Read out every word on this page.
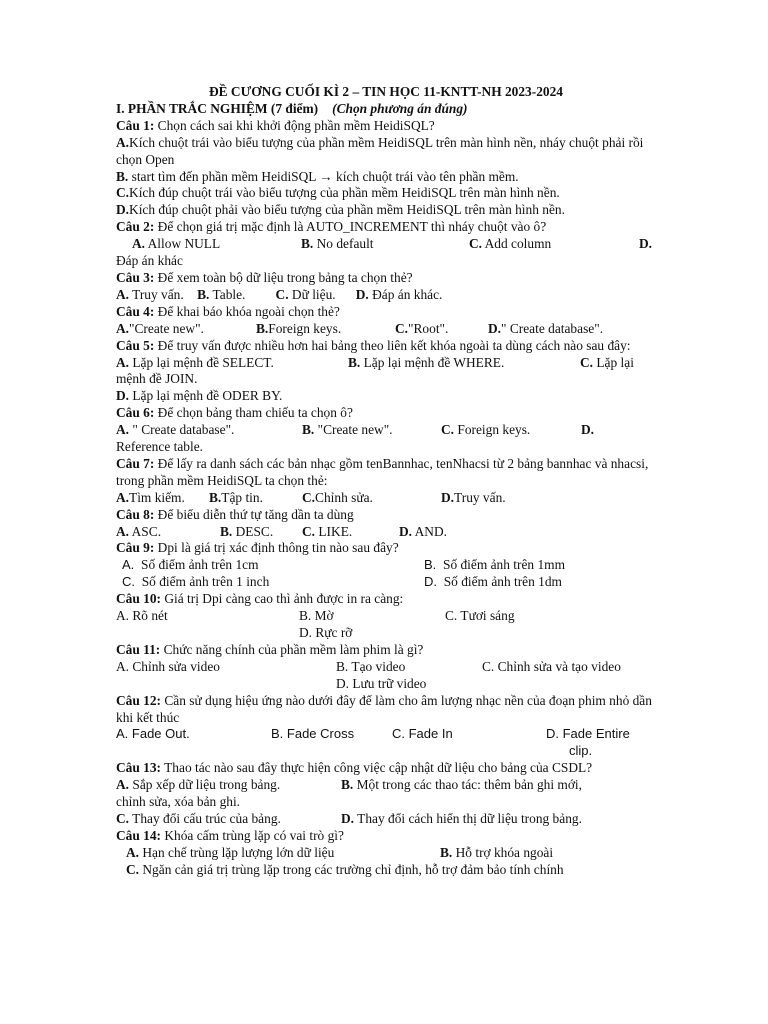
ĐỀ CƯƠNG CUỐI KÌ 2 – TIN HỌC 11-KNTT-NH 2023-2024
I. PHẦN TRẮC NGHIỆM (7 điểm) (Chọn phương án đúng)
Câu 1: Chọn cách sai khi khởi động phần mềm HeidiSQL?
A.Kích chuột trái vào biểu tượng của phần mềm HeidiSQL trên màn hình nền, nháy chuột phải rồi chọn Open
B. start tìm đến phần mềm HeidiSQL → kích chuột trái vào tên phần mềm.
C.Kích đúp chuột trái vào biểu tượng của phần mềm HeidiSQL trên màn hình nền.
D.Kích đúp chuột phải vào biểu tượng của phần mềm HeidiSQL trên màn hình nền.
Câu 2: Để chọn giá trị mặc định là AUTO_INCREMENT thì nháy chuột vào ô?
A. Allow NULL	B. No default	C. Add column	D.
Đáp án khác
Câu 3: Để xem toàn bộ dữ liệu trong bảng ta chọn thẻ?
A. Truy vấn. B. Table. C. Dữ liệu. D. Đáp án khác.
Câu 4: Để khai báo khóa ngoài chọn thẻ?
A."Create new".	B.Foreign keys.	C."Root".	D." Create database".
Câu 5: Để truy vấn được nhiều hơn hai bảng theo liên kết khóa ngoài ta dùng cách nào sau đây:
A. Lặp lại mệnh đề SELECT.	B. Lặp lại mệnh đề WHERE.	C. Lặp lại
mệnh đề JOIN.
D. Lặp lại mệnh đề ODER BY.
Câu 6: Để chọn bảng tham chiếu ta chọn ô?
A. " Create database".	B. "Create new".	C. Foreign keys.	D.
Reference table.
Câu 7: Để lấy ra danh sách các bản nhạc gồm tenBannhac, tenNhacsi từ 2 bảng bannhac và nhacsi, trong phần mềm HeidiSQL ta chọn thẻ:
A.Tìm kiếm.	B.Tập tin.	C.Chỉnh sửa.	D.Truy vấn.
Câu 8: Để biểu diễn thứ tự tăng dần ta dùng
A. ASC.	B. DESC.	C. LIKE.	D. AND.
Câu 9: Dpi là giá trị xác định thông tin nào sau đây?
A. Số điểm ảnh trên 1cm	B. Số điểm ảnh trên 1mm
C. Số điểm ảnh trên 1 inch	D. Số điểm ảnh trên 1dm
Câu 10: Giá trị Dpi càng cao thì ảnh được in ra càng:
A. Rõ nét	B. Mờ	C. Tươi sáng
D. Rực rỡ
Câu 11: Chức năng chính của phần mềm làm phim là gì?
A. Chỉnh sửa video	B. Tạo video	C. Chỉnh sửa và tạo video
D. Lưu trữ video
Câu 12: Cần sử dụng hiệu ứng nào dưới đây để làm cho âm lượng nhạc nền của đoạn phim nhỏ dần khi kết thúc
A. Fade Out.	B. Fade Cross	C. Fade In	D. Fade Entire
clip.
Câu 13: Thao tác nào sau đây thực hiện công việc cập nhật dữ liệu cho bảng của CSDL?
A. Sắp xếp dữ liệu trong bảng.	B. Một trong các thao tác: thêm bản ghi mới,
chỉnh sửa, xóa bản ghi.
C. Thay đổi cấu trúc của bảng.	D. Thay đổi cách hiển thị dữ liệu trong bảng.
Câu 14: Khóa cấm trùng lặp có vai trò gì?
A. Hạn chế trùng lặp lượng lớn dữ liệu	B. Hỗ trợ khóa ngoài
C. Ngăn cản giá trị trùng lặp trong các trường chỉ định, hỗ trợ đảm bảo tính chính
